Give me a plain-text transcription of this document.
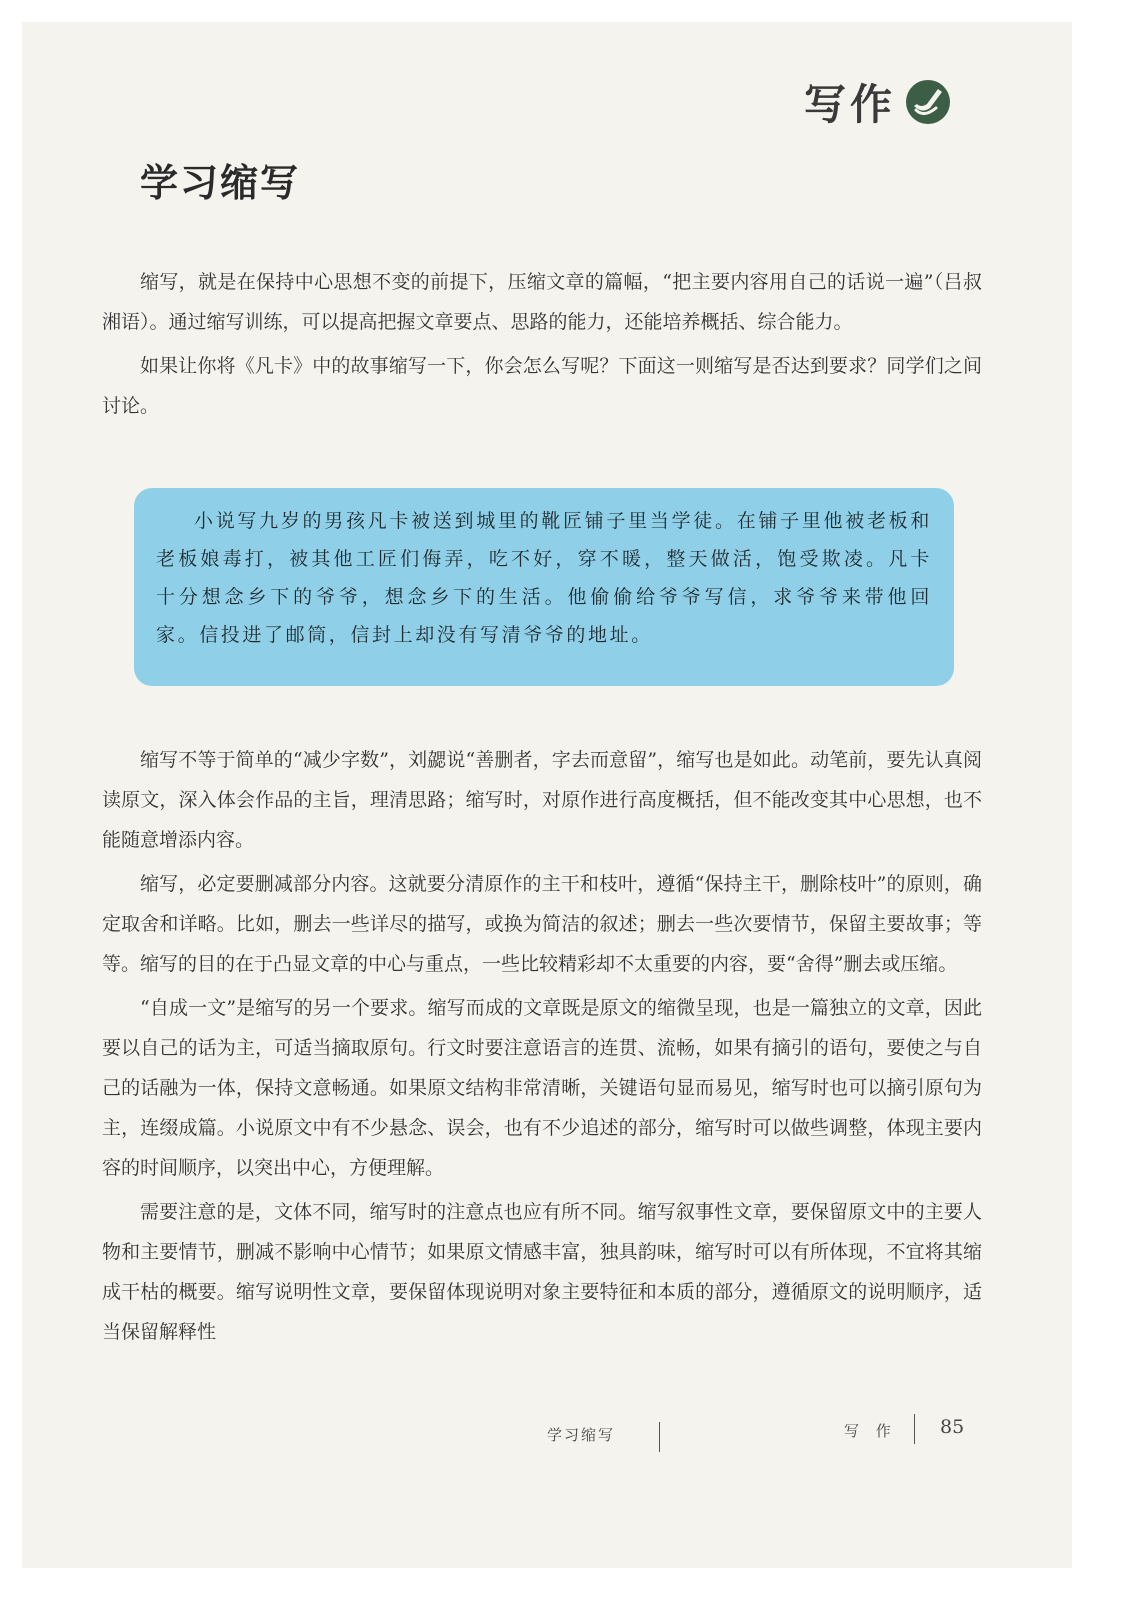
写作
学习缩写

缩写，就是在保持中心思想不变的前提下，压缩文章的篇幅，“把主要内容用自己的话说一遍”（吕叔湘语）。通过缩写训练，可以提高把握文章要点、思路的能力，还能培养概括、综合能力。

如果让你将《凡卡》中的故事缩写一下，你会怎么写呢？下面这一则缩写是否达到要求？同学们之间讨论。

小说写九岁的男孩凡卡被送到城里的靴匠铺子里当学徒。在铺子里他被老板和老板娘毒打，被其他工匠们侮弄，吃不好，穿不暖，整天做活，饱受欺凌。凡卡十分想念乡下的爷爷，想念乡下的生活。他偷偷给爷爷写信，求爷爷来带他回家。信投进了邮筒，信封上却没有写清爷爷的地址。

缩写不等于简单的“减少字数”，刘勰说“善删者，字去而意留”，缩写也是如此。动笔前，要先认真阅读原文，深入体会作品的主旨，理清思路；缩写时，对原作进行高度概括，但不能改变其中心思想，也不能随意增添内容。

缩写，必定要删减部分内容。这就要分清原作的主干和枝叶，遵循“保持主干，删除枝叶”的原则，确定取舍和详略。比如，删去一些详尽的描写，或换为简洁的叙述；删去一些次要情节，保留主要故事；等等。缩写的目的在于凸显文章的中心与重点，一些比较精彩却不太重要的内容，要“舍得”删去或压缩。

“自成一文”是缩写的另一个要求。缩写而成的文章既是原文的缩微呈现，也是一篇独立的文章，因此要以自己的话为主，可适当摘取原句。行文时要注意语言的连贯、流畅，如果有摘引的语句，要使之与自己的话融为一体，保持文意畅通。如果原文结构非常清晰，关键语句显而易见，缩写时也可以摘引原句为主，连缀成篇。小说原文中有不少悬念、误会，也有不少追述的部分，缩写时可以做些调整，体现主要内容的时间顺序，以突出中心，方便理解。

需要注意的是，文体不同，缩写时的注意点也应有所不同。缩写叙事性文章，要保留原文中的主要人物和主要情节，删减不影响中心情节；如果原文情感丰富，独具韵味，缩写时可以有所体现，不宜将其缩成干枯的概要。缩写说明性文章，要保留体现说明对象主要特征和本质的部分，遵循原文的说明顺序，适当保留解释性

学习缩写	写 作 85
